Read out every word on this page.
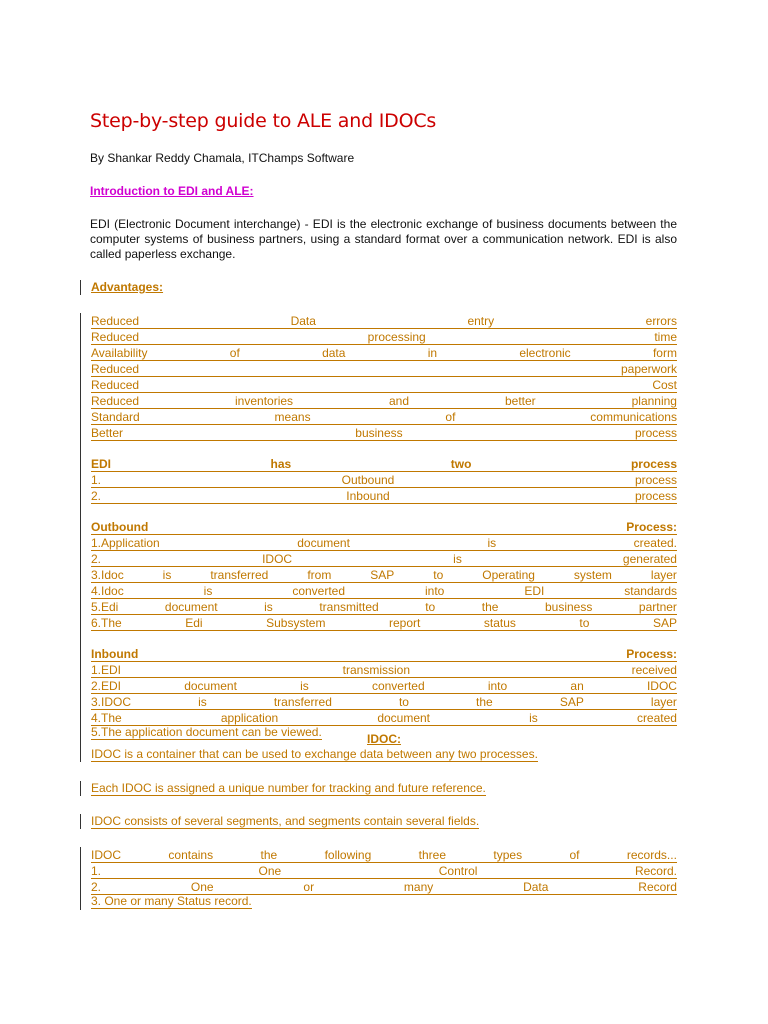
Step-by-step guide to ALE and IDOCs

By Shankar Reddy Chamala, ITChamps Software

Introduction to EDI and ALE:

EDI (Electronic Document interchange) - EDI is the electronic exchange of business documents between the computer systems of business partners, using a standard format over a communication network. EDI is also called paperless exchange.

Advantages:
Reduced	Data	entry	errors
Reduced	processing	time
Availability	of	data	in	electronic	form
Reduced	paperwork
Reduced	Cost
Reduced	inventories	and	better	planning
Standard	means	of	communications
Better	business	process
EDI	has	two	process
1.	Outbound	process
2.	Inbound	process
Outbound	Process:
1.Application	document	is	created.
2.	IDOC	is	generated
3.Idoc	is	transferred	from	SAP	to	Operating	system	layer
4.Idoc	is	converted	into	EDI	standards
5.Edi	document	is	transmitted	to	the	business	partner
6.The	Edi	Subsystem	report	status	to	SAP
Inbound	Process:
1.EDI	transmission	received
2.EDI	document	is	converted	into	an	IDOC
3.IDOC	is	transferred	to	the	SAP	layer
4.The	application	document	is	created
5.The application document can be viewed.	IDOC:
IDOC is a container that can be used to exchange data between any two processes.
Each IDOC is assigned a unique number for tracking and future reference.
IDOC consists of several segments, and segments contain several fields.
IDOC	contains	the	following	three	types	of	records...
1.	One	Control	Record.
2.	One	or	many	Data	Record
3. One or many Status record.
